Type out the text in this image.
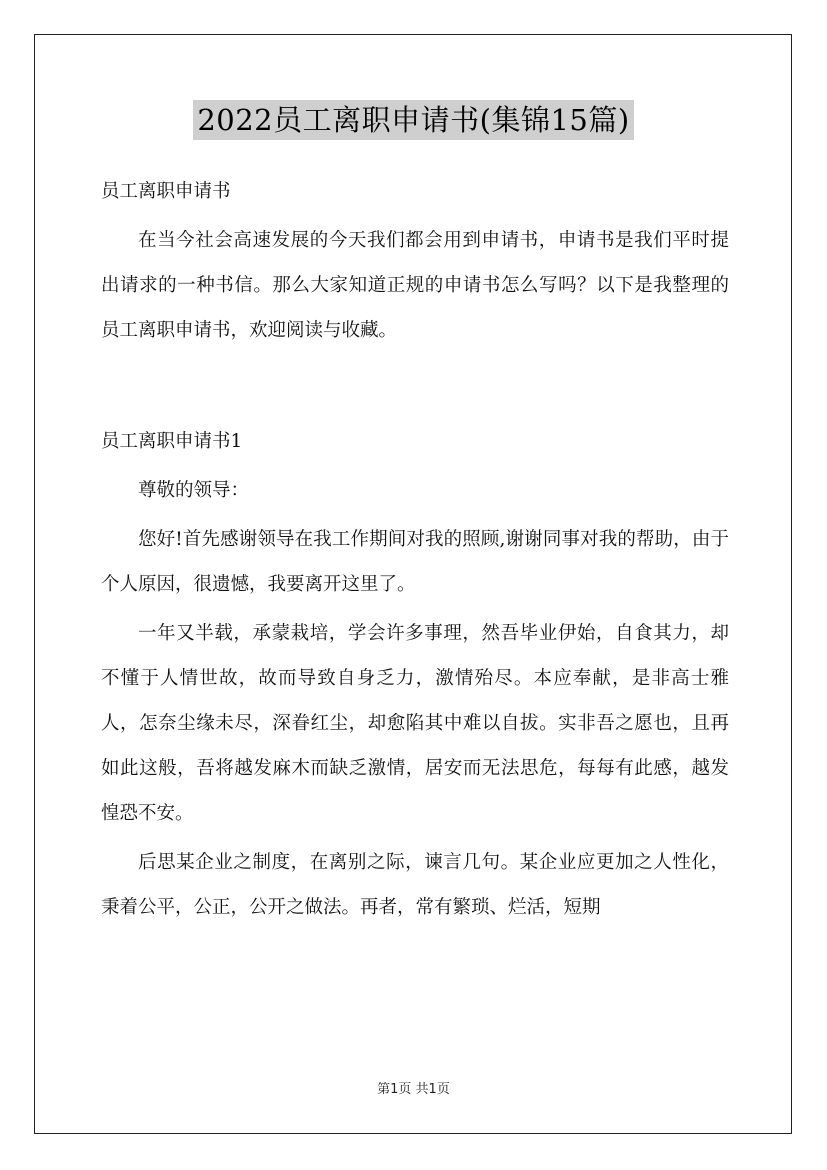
2022员工离职申请书(集锦15篇)

员工离职申请书

在当今社会高速发展的今天我们都会用到申请书，申请书是我们平时提出请求的一种书信。那么大家知道正规的申请书怎么写吗？以下是我整理的员工离职申请书，欢迎阅读与收藏。

员工离职申请书1

尊敬的领导：

您好!首先感谢领导在我工作期间对我的照顾,谢谢同事对我的帮助，由于个人原因，很遗憾，我要离开这里了。

一年又半载，承蒙栽培，学会许多事理，然吾毕业伊始，自食其力，却不懂于人情世故，故而导致自身乏力，激情殆尽。本应奉献，是非高士雅人，怎奈尘缘未尽，深眷红尘，却愈陷其中难以自拔。实非吾之愿也，且再如此这般，吾将越发麻木而缺乏激情，居安而无法思危，每每有此感，越发惶恐不安。

后思某企业之制度，在离别之际，谏言几句。某企业应更加之人性化，秉着公平，公正，公开之做法。再者，常有繁琐、烂活，短期

第1页 共1页
